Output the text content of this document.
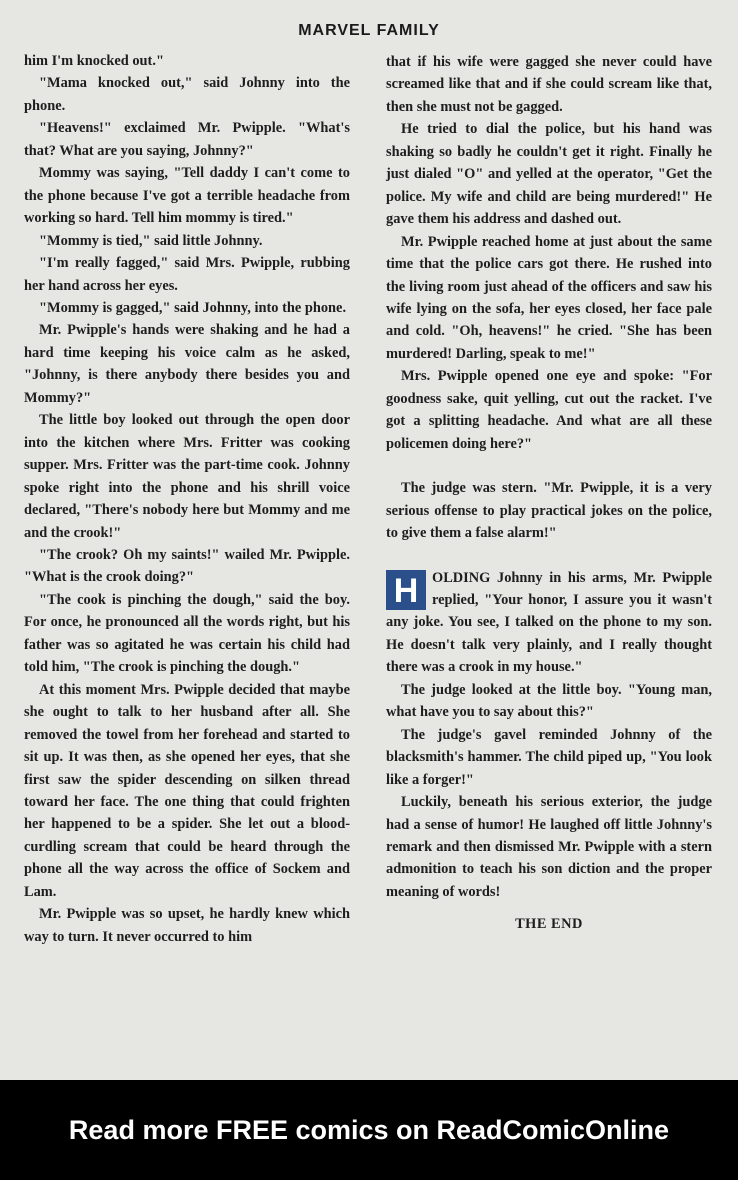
MARVEL FAMILY

him I'm knocked out."

"Mama knocked out," said Johnny into the phone.

"Heavens!" exclaimed Mr. Pwipple. "What's that? What are you saying, Johnny?"

Mommy was saying, "Tell daddy I can't come to the phone because I've got a terrible headache from working so hard. Tell him mommy is tired."

"Mommy is tied," said little Johnny.

"I'm really fagged," said Mrs. Pwipple, rubbing her hand across her eyes.

"Mommy is gagged," said Johnny, into the phone.

Mr. Pwipple's hands were shaking and he had a hard time keeping his voice calm as he asked, "Johnny, is there anybody there besides you and Mommy?"

The little boy looked out through the open door into the kitchen where Mrs. Fritter was cooking supper. Mrs. Fritter was the part-time cook. Johnny spoke right into the phone and his shrill voice declared, "There's nobody here but Mommy and me and the crook!"

"The crook? Oh my saints!" wailed Mr. Pwipple. "What is the crook doing?"

"The cook is pinching the dough," said the boy. For once, he pronounced all the words right, but his father was so agitated he was certain his child had told him, "The crook is pinching the dough."

At this moment Mrs. Pwipple decided that maybe she ought to talk to her husband after all. She removed the towel from her forehead and started to sit up. It was then, as she opened her eyes, that she first saw the spider descending on silken thread toward her face. The one thing that could frighten her happened to be a spider. She let out a blood-curdling scream that could be heard through the phone all the way across the office of Sockem and Lam.

Mr. Pwipple was so upset, he hardly knew which way to turn. It never occurred to him

that if his wife were gagged she never could have screamed like that and if she could scream like that, then she must not be gagged.

He tried to dial the police, but his hand was shaking so badly he couldn't get it right. Finally he just dialed "O" and yelled at the operator, "Get the police. My wife and child are being murdered!" He gave them his address and dashed out.

Mr. Pwipple reached home at just about the same time that the police cars got there. He rushed into the living room just ahead of the officers and saw his wife lying on the sofa, her eyes closed, her face pale and cold. "Oh, heavens!" he cried. "She has been murdered! Darling, speak to me!"

Mrs. Pwipple opened one eye and spoke: "For goodness sake, quit yelling, cut out the racket. I've got a splitting headache. And what are all these policemen doing here?"

The judge was stern. "Mr. Pwipple, it is a very serious offense to play practical jokes on the police, to give them a false alarm!"

H OLDING Johnny in his arms, Mr. Pwipple replied, "Your honor, I assure you it wasn't any joke. You see, I talked on the phone to my son. He doesn't talk very plainly, and I really thought there was a crook in my house."

The judge looked at the little boy. "Young man, what have you to say about this?"

The judge's gavel reminded Johnny of the blacksmith's hammer. The child piped up, "You look like a forger!"

Luckily, beneath his serious exterior, the judge had a sense of humor! He laughed off little Johnny's remark and then dismissed Mr. Pwipple with a stern admonition to teach his son diction and the proper meaning of words!

THE END

Read more FREE comics on ReadComicOnline
